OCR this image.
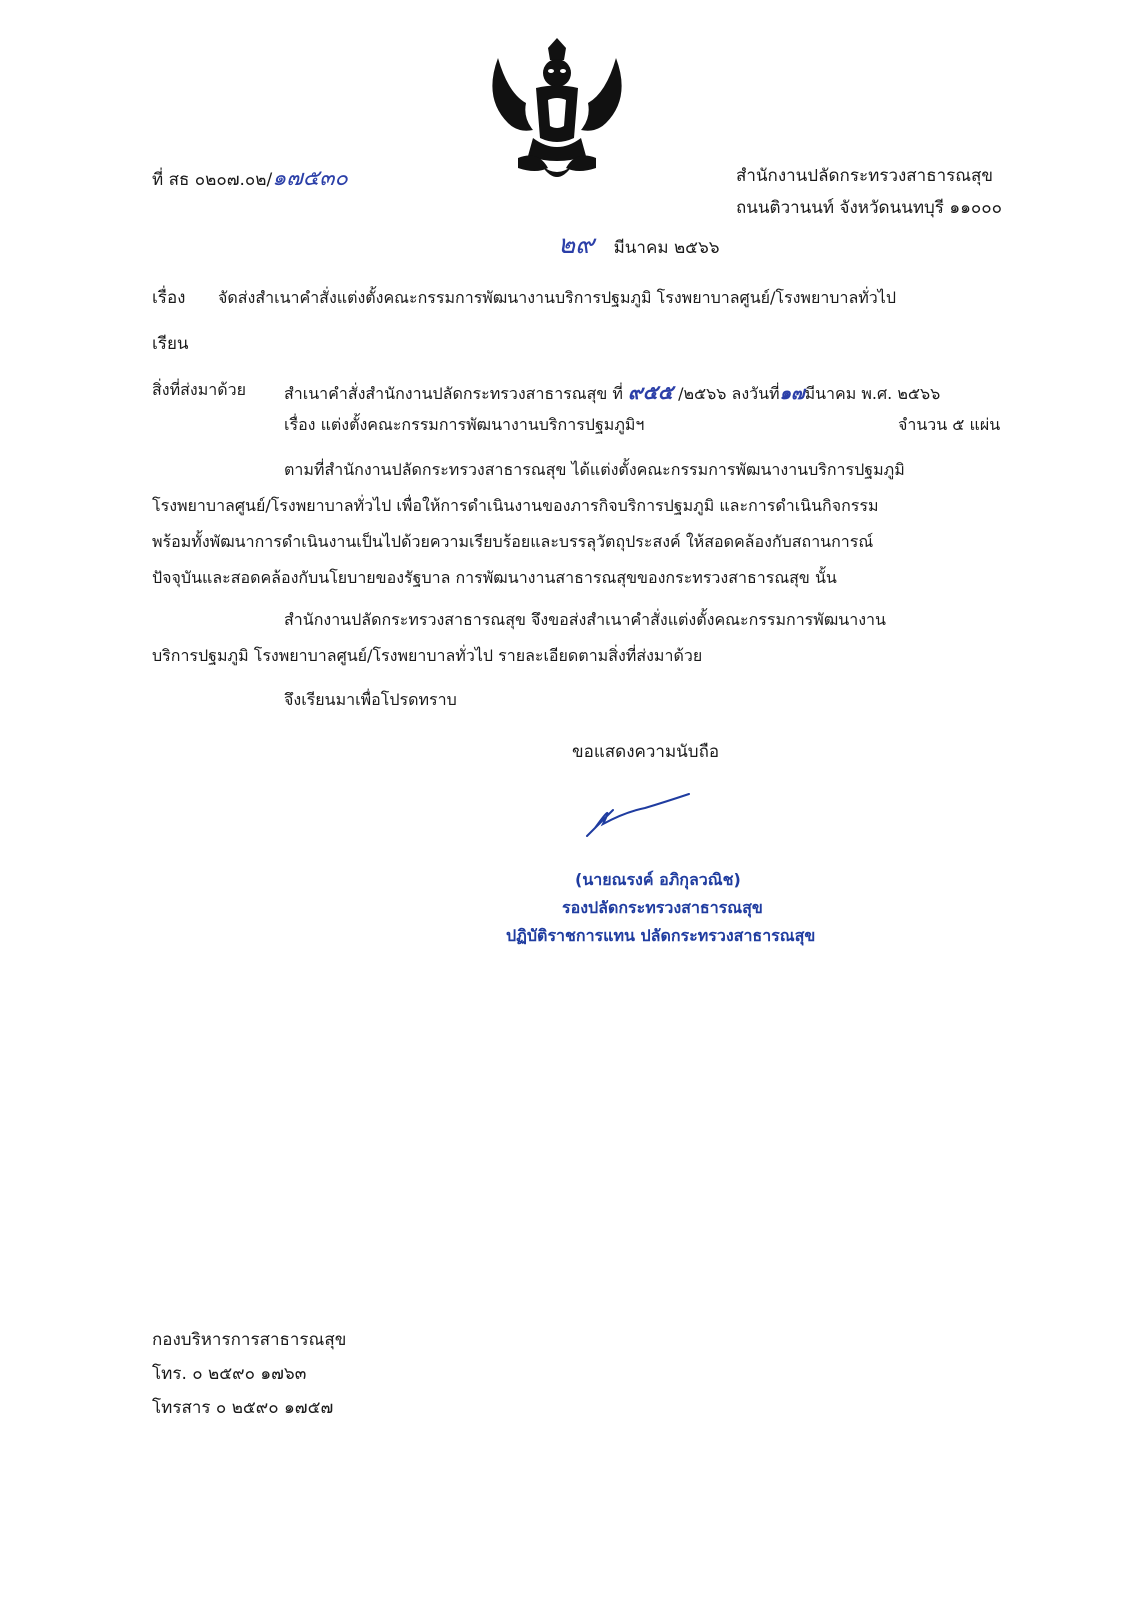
ที่ สธ ๐๒๐๗.๐๒/๑๗๕๓๐	สำนักงานปลัดกระทรวงสาธารณสุข
ถนนติวานนท์ จังหวัดนนทบุรี ๑๑๐๐๐
๒๙ มีนาคม ๒๕๖๖
เรื่อง จัดส่งสำเนาคำสั่งแต่งตั้งคณะกรรมการพัฒนางานบริการปฐมภูมิ โรงพยาบาลศูนย์/โรงพยาบาลทั่วไป
เรียน
สิ่งที่ส่งมาด้วย สำเนาคำสั่งสำนักงานปลัดกระทรวงสาธารณสุข ที่ ๙๕๕ /๒๕๖๖ ลงวันที่๑๗มีนาคม พ.ศ. ๒๕๖๖
เรื่อง แต่งตั้งคณะกรรมการพัฒนางานบริการปฐมภูมิฯ	จำนวน ๕ แผ่น
ตามที่สำนักงานปลัดกระทรวงสาธารณสุข ได้แต่งตั้งคณะกรรมการพัฒนางานบริการปฐมภูมิ
โรงพยาบาลศูนย์/โรงพยาบาลทั่วไป เพื่อให้การดำเนินงานของภารกิจบริการปฐมภูมิ และการดำเนินกิจกรรม
พร้อมทั้งพัฒนาการดำเนินงานเป็นไปด้วยความเรียบร้อยและบรรลุวัตถุประสงค์ ให้สอดคล้องกับสถานการณ์
ปัจจุบันและสอดคล้องกับนโยบายของรัฐบาล การพัฒนางานสาธารณสุขของกระทรวงสาธารณสุข นั้น
สำนักงานปลัดกระทรวงสาธารณสุข จึงขอส่งสำเนาคำสั่งแต่งตั้งคณะกรรมการพัฒนางาน
บริการปฐมภูมิ โรงพยาบาลศูนย์/โรงพยาบาลทั่วไป รายละเอียดตามสิ่งที่ส่งมาด้วย
จึงเรียนมาเพื่อโปรดทราบ
ขอแสดงความนับถือ
(นายณรงค์ อภิกุลวณิช)
รองปลัดกระทรวงสาธารณสุข
ปฏิบัติราชการแทน ปลัดกระทรวงสาธารณสุข
กองบริหารการสาธารณสุข
โทร. ๐ ๒๕๙๐ ๑๗๖๓
โทรสาร ๐ ๒๕๙๐ ๑๗๕๗
